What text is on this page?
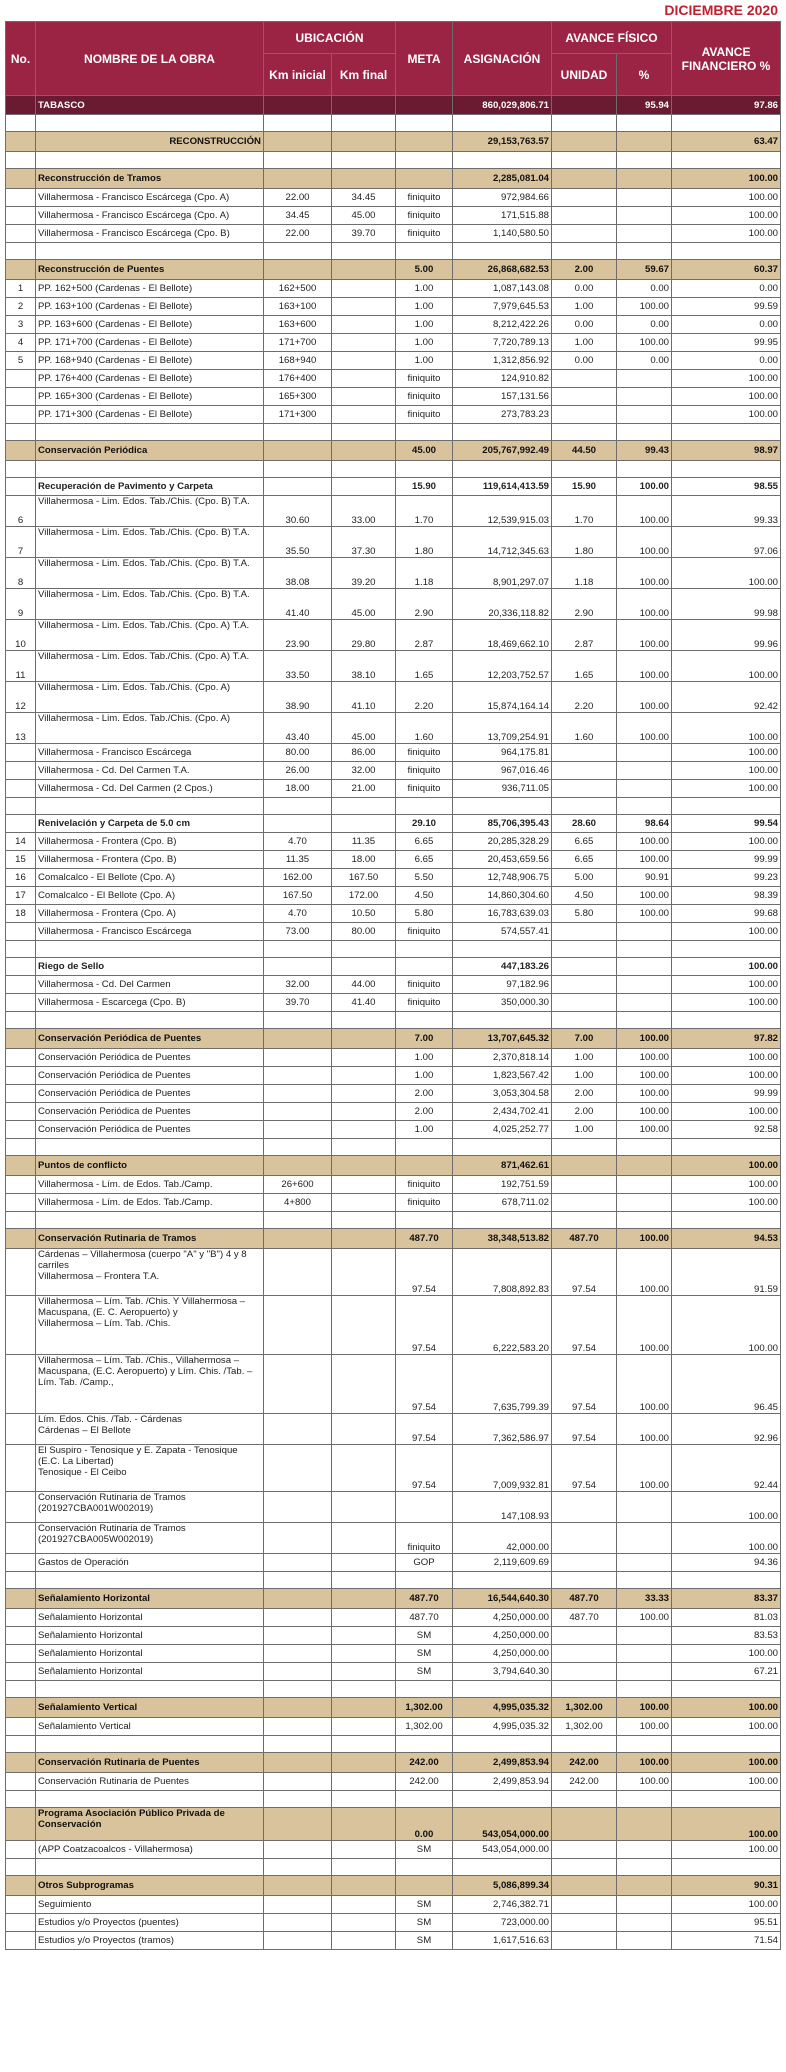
DICIEMBRE 2020
No.	NOMBRE DE LA OBRA	UBICACIÓN		META	ASIGNACIÓN	AVANCE FÍSICO		AVANCE FINANCIERO %
		Km inicial	Km final			UNIDAD	%	
	TABASCO				860,029,806.71		95.94	97.86

	RECONSTRUCCIÓN				29,153,763.57			63.47

	Reconstrucción de Tramos				2,285,081.04			100.00
	Villahermosa - Francisco Escárcega (Cpo. A)	22.00	34.45	finiquito	972,984.66			100.00
	Villahermosa - Francisco Escárcega (Cpo. A)	34.45	45.00	finiquito	171,515.88			100.00
	Villahermosa - Francisco Escárcega (Cpo. B)	22.00	39.70	finiquito	1,140,580.50			100.00

	Reconstrucción de Puentes			5.00	26,868,682.53	2.00	59.67	60.37
1	PP. 162+500 (Cardenas - El Bellote)	162+500		1.00	1,087,143.08	0.00	0.00	0.00
2	PP. 163+100 (Cardenas - El Bellote)	163+100		1.00	7,979,645.53	1.00	100.00	99.59
3	PP. 163+600 (Cardenas - El Bellote)	163+600		1.00	8,212,422.26	0.00	0.00	0.00
4	PP. 171+700 (Cardenas - El Bellote)	171+700		1.00	7,720,789.13	1.00	100.00	99.95
5	PP. 168+940 (Cardenas - El Bellote)	168+940		1.00	1,312,856.92	0.00	0.00	0.00
	PP. 176+400 (Cardenas - El Bellote)	176+400		finiquito	124,910.82			100.00
	PP. 165+300 (Cardenas - El Bellote)	165+300		finiquito	157,131.56			100.00
	PP. 171+300 (Cardenas - El Bellote)	171+300		finiquito	273,783.23			100.00

	Conservación Periódica			45.00	205,767,992.49	44.50	99.43	98.97

	Recuperación de Pavimento y Carpeta			15.90	119,614,413.59	15.90	100.00	98.55
6	Villahermosa - Lim. Edos. Tab./Chis. (Cpo. B) T.A.	30.60	33.00	1.70	12,539,915.03	1.70	100.00	99.33
7	Villahermosa - Lim. Edos. Tab./Chis. (Cpo. B) T.A.	35.50	37.30	1.80	14,712,345.63	1.80	100.00	97.06
8	Villahermosa - Lim. Edos. Tab./Chis. (Cpo. B) T.A.	38.08	39.20	1.18	8,901,297.07	1.18	100.00	100.00
9	Villahermosa - Lim. Edos. Tab./Chis. (Cpo. B) T.A.	41.40	45.00	2.90	20,336,118.82	2.90	100.00	99.98
10	Villahermosa - Lim. Edos. Tab./Chis. (Cpo. A) T.A.	23.90	29.80	2.87	18,469,662.10	2.87	100.00	99.96
11	Villahermosa - Lim. Edos. Tab./Chis. (Cpo. A) T.A.	33.50	38.10	1.65	12,203,752.57	1.65	100.00	100.00
12	Villahermosa - Lim. Edos. Tab./Chis. (Cpo. A)	38.90	41.10	2.20	15,874,164.14	2.20	100.00	92.42
13	Villahermosa - Lim. Edos. Tab./Chis. (Cpo. A)	43.40	45.00	1.60	13,709,254.91	1.60	100.00	100.00
	Villahermosa - Francisco Escárcega	80.00	86.00	finiquito	964,175.81			100.00
	Villahermosa - Cd. Del Carmen T.A.	26.00	32.00	finiquito	967,016.46			100.00
	Villahermosa - Cd. Del Carmen (2 Cpos.)	18.00	21.00	finiquito	936,711.05			100.00

	Renivelación y Carpeta de 5.0 cm			29.10	85,706,395.43	28.60	98.64	99.54
14	Villahermosa - Frontera (Cpo. B)	4.70	11.35	6.65	20,285,328.29	6.65	100.00	100.00
15	Villahermosa - Frontera (Cpo. B)	11.35	18.00	6.65	20,453,659.56	6.65	100.00	99.99
16	Comalcalco - El Bellote (Cpo. A)	162.00	167.50	5.50	12,748,906.75	5.00	90.91	99.23
17	Comalcalco - El Bellote (Cpo. A)	167.50	172.00	4.50	14,860,304.60	4.50	100.00	98.39
18	Villahermosa - Frontera (Cpo. A)	4.70	10.50	5.80	16,783,639.03	5.80	100.00	99.68
	Villahermosa - Francisco Escárcega	73.00	80.00	finiquito	574,557.41			100.00

	Riego de Sello				447,183.26			100.00
	Villahermosa - Cd. Del Carmen	32.00	44.00	finiquito	97,182.96			100.00
	Villahermosa - Escarcega (Cpo. B)	39.70	41.40	finiquito	350,000.30			100.00

	Conservación Periódica de Puentes			7.00	13,707,645.32	7.00	100.00	97.82
	Conservación Periódica de Puentes			1.00	2,370,818.14	1.00	100.00	100.00
	Conservación Periódica de Puentes			1.00	1,823,567.42	1.00	100.00	100.00
	Conservación Periódica de Puentes			2.00	3,053,304.58	2.00	100.00	99.99
	Conservación Periódica de Puentes			2.00	2,434,702.41	2.00	100.00	100.00
	Conservación Periódica de Puentes			1.00	4,025,252.77	1.00	100.00	92.58

	Puntos de conflicto				871,462.61			100.00
	Villahermosa - Lím. de Edos. Tab./Camp.	26+600		finiquito	192,751.59			100.00
	Villahermosa - Lím. de Edos. Tab./Camp.	4+800		finiquito	678,711.02			100.00

	Conservación Rutinaria de Tramos			487.70	38,348,513.82	487.70	100.00	94.53
	Cárdenas – Villahermosa (cuerpo "A" y "B") 4 y 8 carriles
Villahermosa – Frontera T.A.			97.54	7,808,892.83	97.54	100.00	91.59
	Villahermosa – Lím. Tab. /Chis. Y Villahermosa – Macuspana, (E. C. Aeropuerto) y
Villahermosa – Lím. Tab. /Chis.			97.54	6,222,583.20	97.54	100.00	100.00
	Villahermosa – Lím. Tab. /Chis., Villahermosa – Macuspana, (E.C. Aeropuerto) y Lím. Chis. /Tab. – Lím. Tab. /Camp.,			97.54	7,635,799.39	97.54	100.00	96.45
	Lím. Edos. Chis. /Tab. - Cárdenas
Cárdenas – El Bellote			97.54	7,362,586.97	97.54	100.00	92.96
	El Suspiro - Tenosique y E. Zapata - Tenosique (E.C. La Libertad)
Tenosique - El Ceibo			97.54	7,009,932.81	97.54	100.00	92.44
	Conservación Rutinaria de Tramos (201927CBA001W002019)				147,108.93			100.00
	Conservación Rutinaria de Tramos (201927CBA005W002019)			finiquito	42,000.00			100.00
	Gastos de Operación			GOP	2,119,609.69			94.36

	Señalamiento Horizontal			487.70	16,544,640.30	487.70	33.33	83.37
	Señalamiento Horizontal			487.70	4,250,000.00	487.70	100.00	81.03
	Señalamiento Horizontal			SM	4,250,000.00			83.53
	Señalamiento Horizontal			SM	4,250,000.00			100.00
	Señalamiento Horizontal			SM	3,794,640.30			67.21

	Señalamiento Vertical			1,302.00	4,995,035.32	1,302.00	100.00	100.00
	Señalamiento Vertical			1,302.00	4,995,035.32	1,302.00	100.00	100.00

	Conservación Rutinaria de Puentes			242.00	2,499,853.94	242.00	100.00	100.00
	Conservación Rutinaria de Puentes			242.00	2,499,853.94	242.00	100.00	100.00

	Programa Asociación Público Privada de Conservación			0.00	543,054,000.00			100.00
	(APP Coatzacoalcos - Villahermosa)			SM	543,054,000.00			100.00

	Otros Subprogramas				5,086,899.34			90.31
	Seguimiento			SM	2,746,382.71			100.00
	Estudios y/o Proyectos (puentes)			SM	723,000.00			95.51
	Estudios y/o Proyectos (tramos)			SM	1,617,516.63			71.54
